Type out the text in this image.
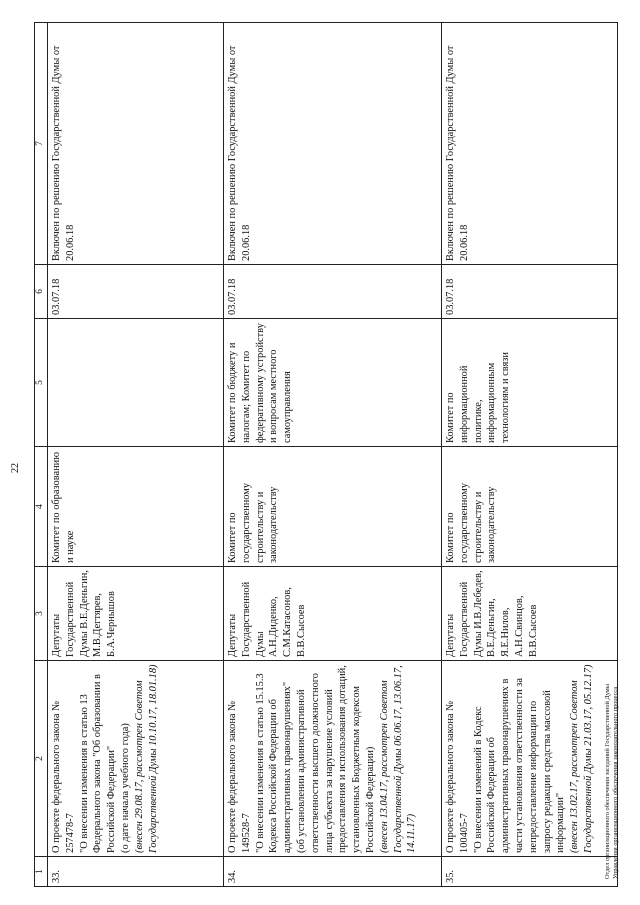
22
1	2	3	4	5	6	7
33.	О проекте федерального закона № 257478-7 "О внесении изменения в статью 13 Федерального закона "Об образовании в Российской Федерации" (о дате начала учебного года) (внесен 29.08.17, рассмотрен Советом Государственной Думы 10.10.17, 18.01.18)	Депутаты Государственной Думы В.Е.Деньгин, М.В.Дегтярев, Б.А.Чернышов	Комитет по образованию и науке		03.07.18	Включен по решению Государственной Думы от 20.06.18
34.	О проекте федерального закона № 149528-7 "О внесении изменения в статью 15.15.3 Кодекса Российской Федерации об административных правонарушениях" (об установлении административной ответственности высшего должностного лица субъекта за нарушение условий предоставления и использования дотаций, установленных Бюджетным кодексом Российской Федерации) (внесен 13.04.17, рассмотрен Советом Государственной Думы 06.06.17, 13.06.17, 14.11.17)	Депутаты Государственной Думы А.Н.Диденко, С.М.Катасонов, В.В.Сысоев	Комитет по государственному строительству и законодательству	Комитет по бюджету и налогам; Комитет по федеративному устройству и вопросам местного самоуправления	03.07.18	Включен по решению Государственной Думы от 20.06.18
35.	О проекте федерального закона № 100405-7 "О внесении изменений в Кодекс Российской Федерации об административных правонарушениях в части установления ответственности за непредоставление информации по запросу редакции средства массовой информации" (внесен 13.02.17, рассмотрен Советом Государственной Думы 21.03.17, 05.12.17)	Депутаты Государственной Думы И.В.Лебедев, В.Е.Деньгин, Я.Е.Нилов, А.Н.Свинцов, В.В.Сысоев	Комитет по государственному строительству и законодательству	Комитет по информационной политике, информационным технологиям и связи	03.07.18	Включен по решению Государственной Думы от 20.06.18
Отдел организационного обеспечения заседаний Государственной Думы Управления организационного обеспечения законодательного процесса
